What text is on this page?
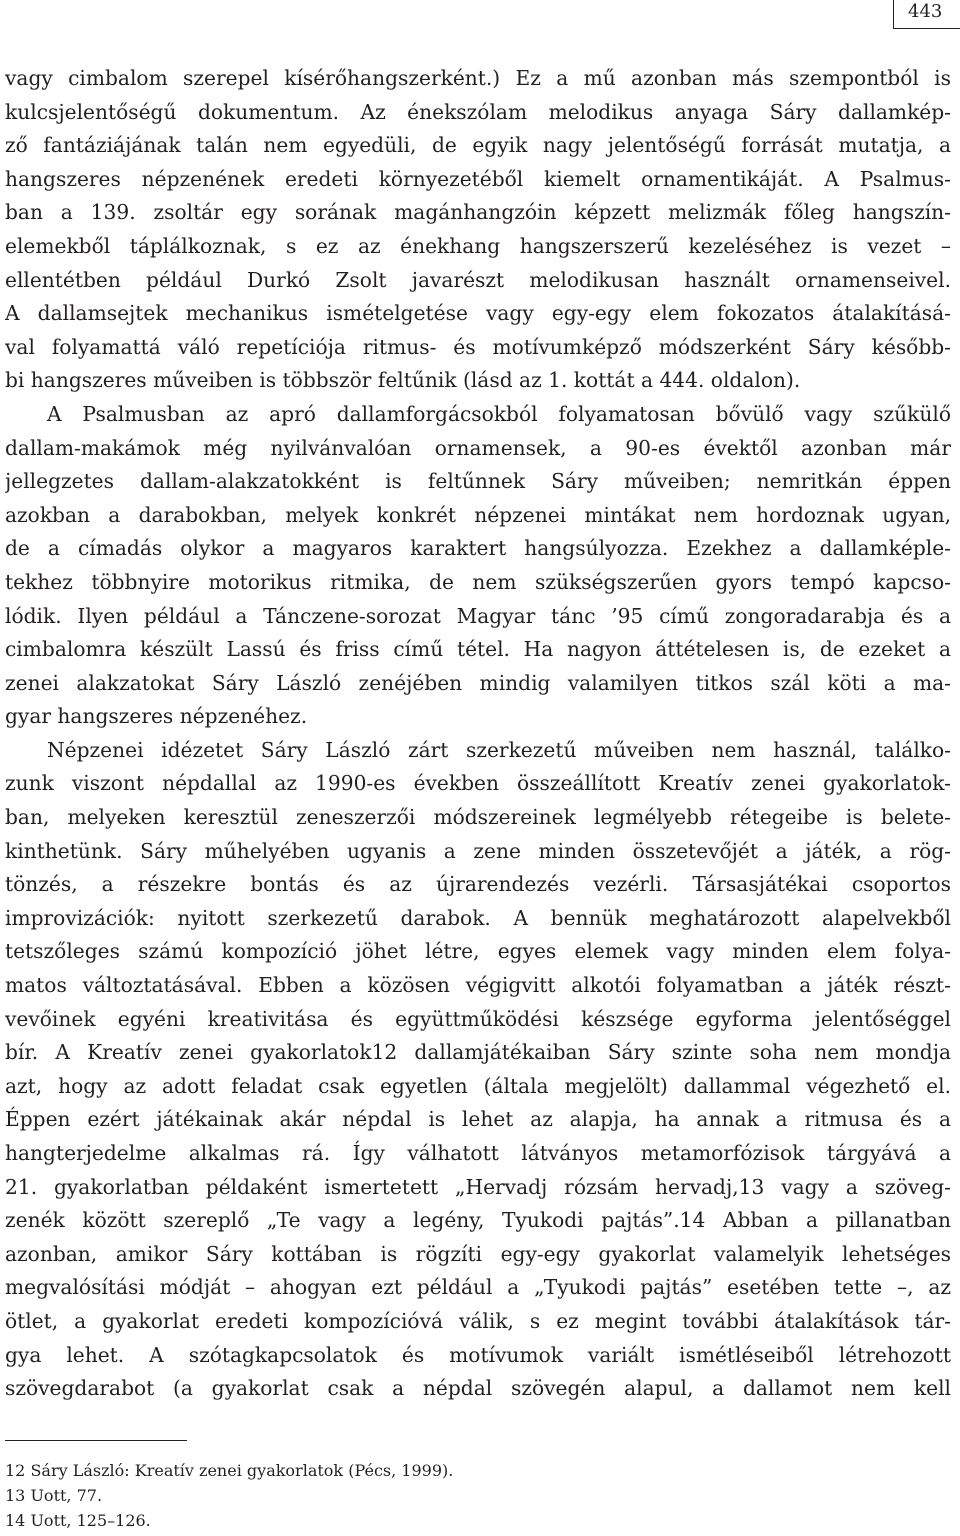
443
vagy cimbalom szerepel kísérőhangszerként.) Ez a mű azonban más szempontból is
kulcsjelentőségű dokumentum. Az énekszólam melodikus anyaga Sáry dallamkép-
ző fantáziájának talán nem egyedüli, de egyik nagy jelentőségű forrását mutatja, a
hangszeres népzenének eredeti környezetéből kiemelt ornamentikáját. A Psalmus-
ban a 139. zsoltár egy sorának magánhangzóin képzett melizmák főleg hangszín-
elemekből táplálkoznak, s ez az énekhang hangszerszerű kezeléséhez is vezet –
ellentétben például Durkó Zsolt javarészt melodikusan használt ornamenseivel.
A dallamsejtek mechanikus ismételgetése vagy egy-egy elem fokozatos átalakításá-
val folyamattá váló repetíciója ritmus- és motívumképző módszerként Sáry később-
bi hangszeres műveiben is többször feltűnik (lásd az 1. kottát a 444. oldalon).
A Psalmusban az apró dallamforgácsokból folyamatosan bővülő vagy szűkülő
dallam-makámok még nyilvánvalóan ornamensek, a 90-es évektől azonban már
jellegzetes dallam-alakzatokként is feltűnnek Sáry műveiben; nemritkán éppen
azokban a darabokban, melyek konkrét népzenei mintákat nem hordoznak ugyan,
de a címadás olykor a magyaros karaktert hangsúlyozza. Ezekhez a dallamképle-
tekhez többnyire motorikus ritmika, de nem szükségszerűen gyors tempó kapcso-
lódik. Ilyen például a Tánczene-sorozat Magyar tánc ’95 című zongoradarabja és a
cimbalomra készült Lassú és friss című tétel. Ha nagyon áttételesen is, de ezeket a
zenei alakzatokat Sáry László zenéjében mindig valamilyen titkos szál köti a ma-
gyar hangszeres népzenéhez.
Népzenei idézetet Sáry László zárt szerkezetű műveiben nem használ, találko-
zunk viszont népdallal az 1990-es években összeállított Kreatív zenei gyakorlatok-
ban, melyeken keresztül zeneszerzői módszereinek legmélyebb rétegeibe is belete-
kinthetünk. Sáry műhelyében ugyanis a zene minden összetevőjét a játék, a rög-
tönzés, a részekre bontás és az újrarendezés vezérli. Társasjátékai csoportos
improvizációk: nyitott szerkezetű darabok. A bennük meghatározott alapelvekből
tetszőleges számú kompozíció jöhet létre, egyes elemek vagy minden elem folya-
matos változtatásával. Ebben a közösen végigvitt alkotói folyamatban a játék részt-
vevőinek egyéni kreativitása és együttműködési készsége egyforma jelentőséggel
bír. A Kreatív zenei gyakorlatok12 dallamjátékaiban Sáry szinte soha nem mondja
azt, hogy az adott feladat csak egyetlen (általa megjelölt) dallammal végezhető el.
Éppen ezért játékainak akár népdal is lehet az alapja, ha annak a ritmusa és a
hangterjedelme alkalmas rá. Így válhatott látványos metamorfózisok tárgyává a
21. gyakorlatban példaként ismertetett „Hervadj rózsám hervadj,13 vagy a szöveg-
zenék között szereplő „Te vagy a legény, Tyukodi pajtás”.14 Abban a pillanatban
azonban, amikor Sáry kottában is rögzíti egy-egy gyakorlat valamelyik lehetséges
megvalósítási módját – ahogyan ezt például a „Tyukodi pajtás” esetében tette –, az
ötlet, a gyakorlat eredeti kompozícióvá válik, s ez megint további átalakítások tár-
gya lehet. A szótagkapcsolatok és motívumok variált ismétléseiből létrehozott
szövegdarabot (a gyakorlat csak a népdal szövegén alapul, a dallamot nem kell
12 Sáry László: Kreatív zenei gyakorlatok (Pécs, 1999).
13 Uott, 77.
14 Uott, 125–126.
